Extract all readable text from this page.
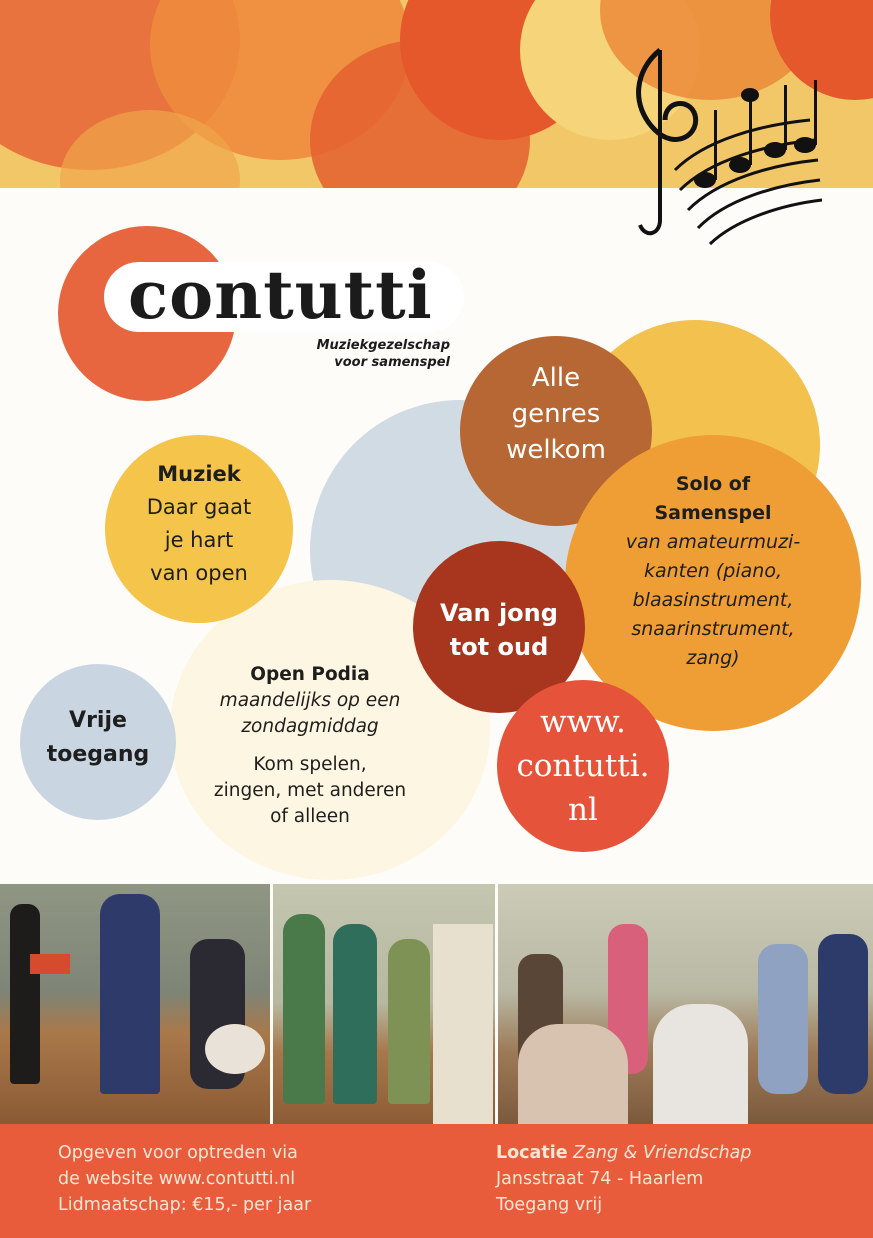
contutti
Muziekgezelschap
voor samenspel
Alle
genres
welkom
Solo of
Samenspel
van amateurmuzi-
kanten (piano,
blaasinstrument,
snaarinstrument,
zang)
Muziek
Daar gaat
je hart
van open
Van jong
tot oud
Vrije
toegang
Open Podia
maandelijks op een
zondagmiddag
Kom spelen,
zingen, met anderen
of alleen
www.
contutti.
nl
Opgeven voor optreden via
de website www.contutti.nl
Lidmaatschap: €15,- per jaar
Locatie Zang & Vriendschap
Jansstraat 74 - Haarlem
Toegang vrij
